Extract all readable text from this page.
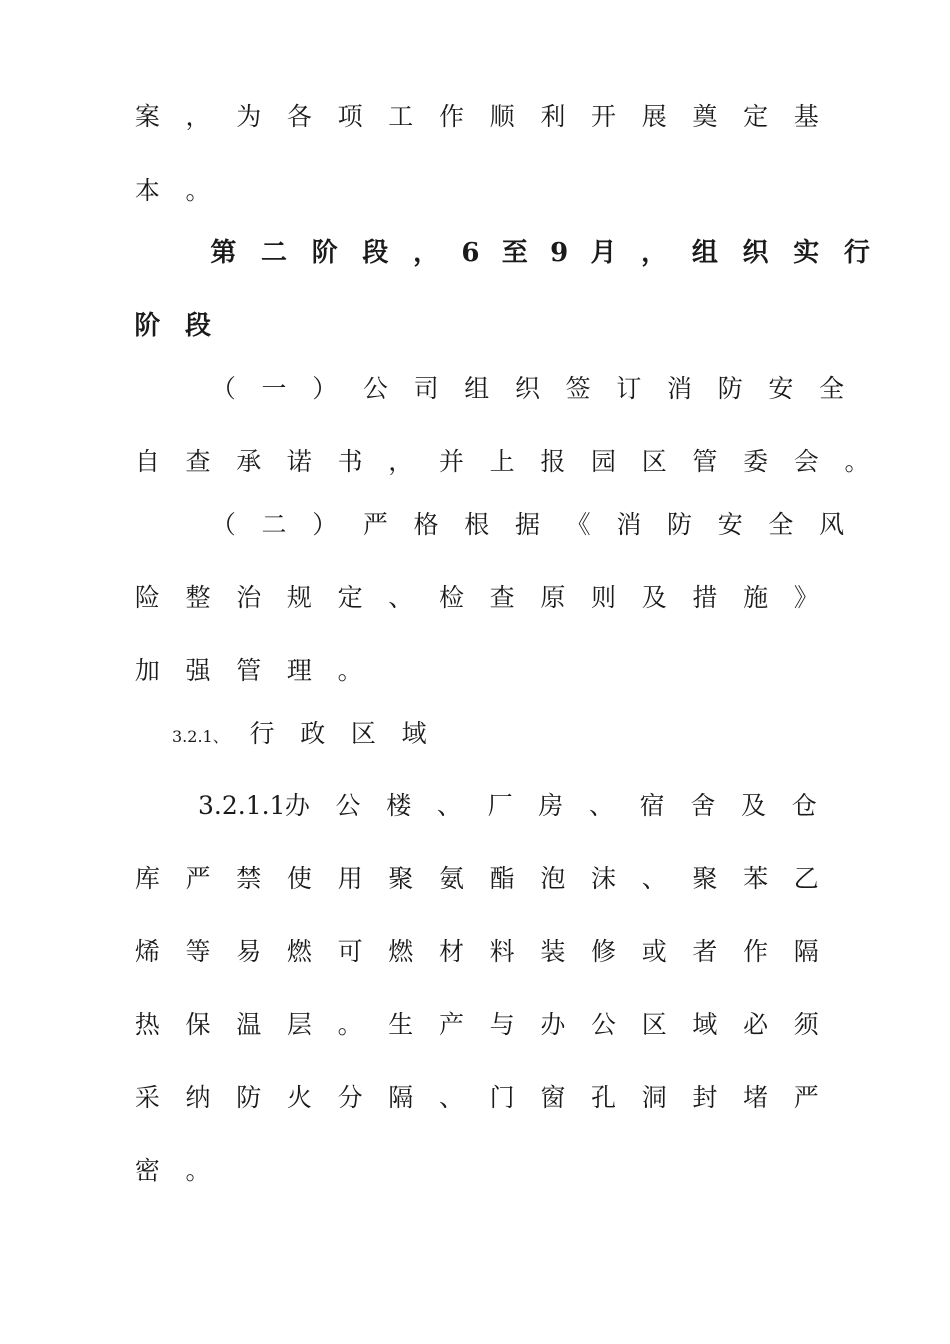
案 ， 为 各 项 工 作 顺 利 开 展 奠 定 基
本 。
第 二 阶 段 ， 6 至 9 月 ， 组 织 实 行
阶 段
（ 一 ） 公 司 组 织 签 订 消 防 安 全
自 查 承 诺 书 ， 并 上 报 园 区 管 委 会 。
（ 二 ） 严 格 根 据 《 消 防 安 全 风
险 整 治 规 定 、 检 查 原 则 及 措 施 》
加 强 管 理 。
3.2.1、 行 政 区 域
3.2.1.1办 公 楼 、 厂 房 、 宿 舍 及 仓
库 严 禁 使 用 聚 氨 酯 泡 沫 、 聚 苯 乙
烯 等 易 燃 可 燃 材 料 装 修 或 者 作 隔
热 保 温 层 。 生 产 与 办 公 区 域 必 须
采 纳 防 火 分 隔 、 门 窗 孔 洞 封 堵 严
密 。
